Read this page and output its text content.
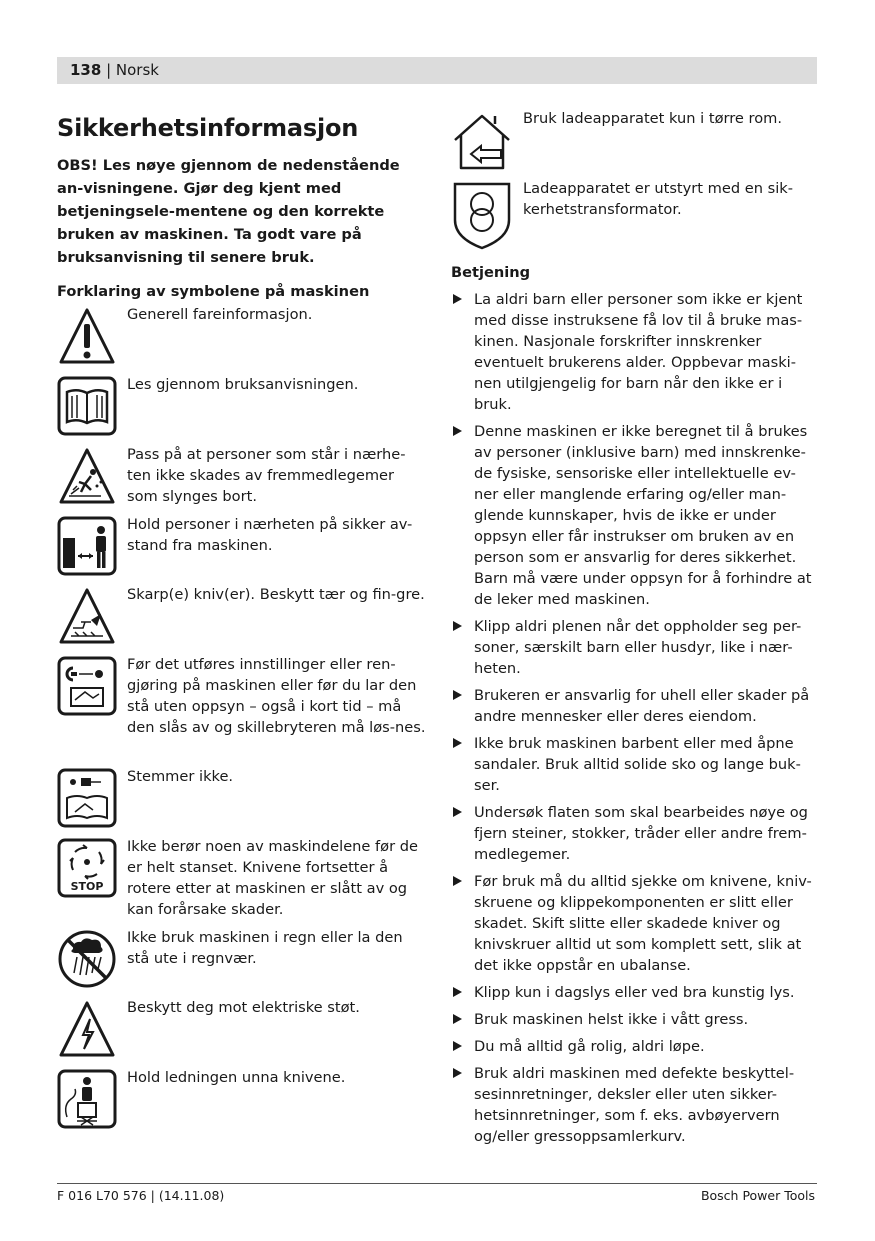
138 | Norsk
Sikkerhetsinformasjon

OBS! Les nøye gjennom de nedenstående an-visningene. Gjør deg kjent med betjeningsele-mentene og den korrekte bruken av maskinen. Ta godt vare på bruksanvisning til senere bruk.

Forklaring av symbolene på maskinen
Generell fareinformasjon.
Les gjennom bruksanvisningen.
Pass på at personer som står i nærhe-ten ikke skades av fremmedlegemer som slynges bort.
Hold personer i nærheten på sikker av-stand fra maskinen.
Skarp(e) kniv(er). Beskytt tær og fin-gre.
Før det utføres innstillinger eller ren-gjøring på maskinen eller før du lar den stå uten oppsyn – også i kort tid – må den slås av og skillebryteren må løs-nes.
Stemmer ikke.
STOP
Ikke berør noen av maskindelene før de er helt stanset. Knivene fortsetter å rotere etter at maskinen er slått av og kan forårsake skader.
Ikke bruk maskinen i regn eller la den stå ute i regnvær.
Beskytt deg mot elektriske støt.
Hold ledningen unna knivene.
Bruk ladeapparatet kun i tørre rom.
Ladeapparatet er utstyrt med en sik-kerhetstransformator.
Betjening
La aldri barn eller personer som ikke er kjent med disse instruksene få lov til å bruke mas-kinen. Nasjonale forskrifter innskrenker eventuelt brukerens alder. Oppbevar maski-nen utilgjengelig for barn når den ikke er i bruk.
Denne maskinen er ikke beregnet til å brukes av personer (inklusive barn) med innskrenke-de fysiske, sensoriske eller intellektuelle ev-ner eller manglende erfaring og/eller man-glende kunnskaper, hvis de ikke er under oppsyn eller får instrukser om bruken av en person som er ansvarlig for deres sikkerhet. Barn må være under oppsyn for å forhindre at de leker med maskinen.
Klipp aldri plenen når det oppholder seg per-soner, særskilt barn eller husdyr, like i nær-heten.
Brukeren er ansvarlig for uhell eller skader på andre mennesker eller deres eiendom.
Ikke bruk maskinen barbent eller med åpne sandaler. Bruk alltid solide sko og lange buk-ser.
Undersøk flaten som skal bearbeides nøye og fjern steiner, stokker, tråder eller andre frem-medlegemer.
Før bruk må du alltid sjekke om knivene, kniv-skruene og klippekomponenten er slitt eller skadet. Skift slitte eller skadede kniver og knivskruer alltid ut som komplett sett, slik at det ikke oppstår en ubalanse.
Klipp kun i dagslys eller ved bra kunstig lys.
Bruk maskinen helst ikke i vått gress.
Du må alltid gå rolig, aldri løpe.
Bruk aldri maskinen med defekte beskyttel-sesinnretninger, deksler eller uten sikker-hetsinnretninger, som f. eks. avbøyervern og/eller gressoppsamlerkurv.
F 016 L70 576 | (14.11.08)	Bosch Power Tools
